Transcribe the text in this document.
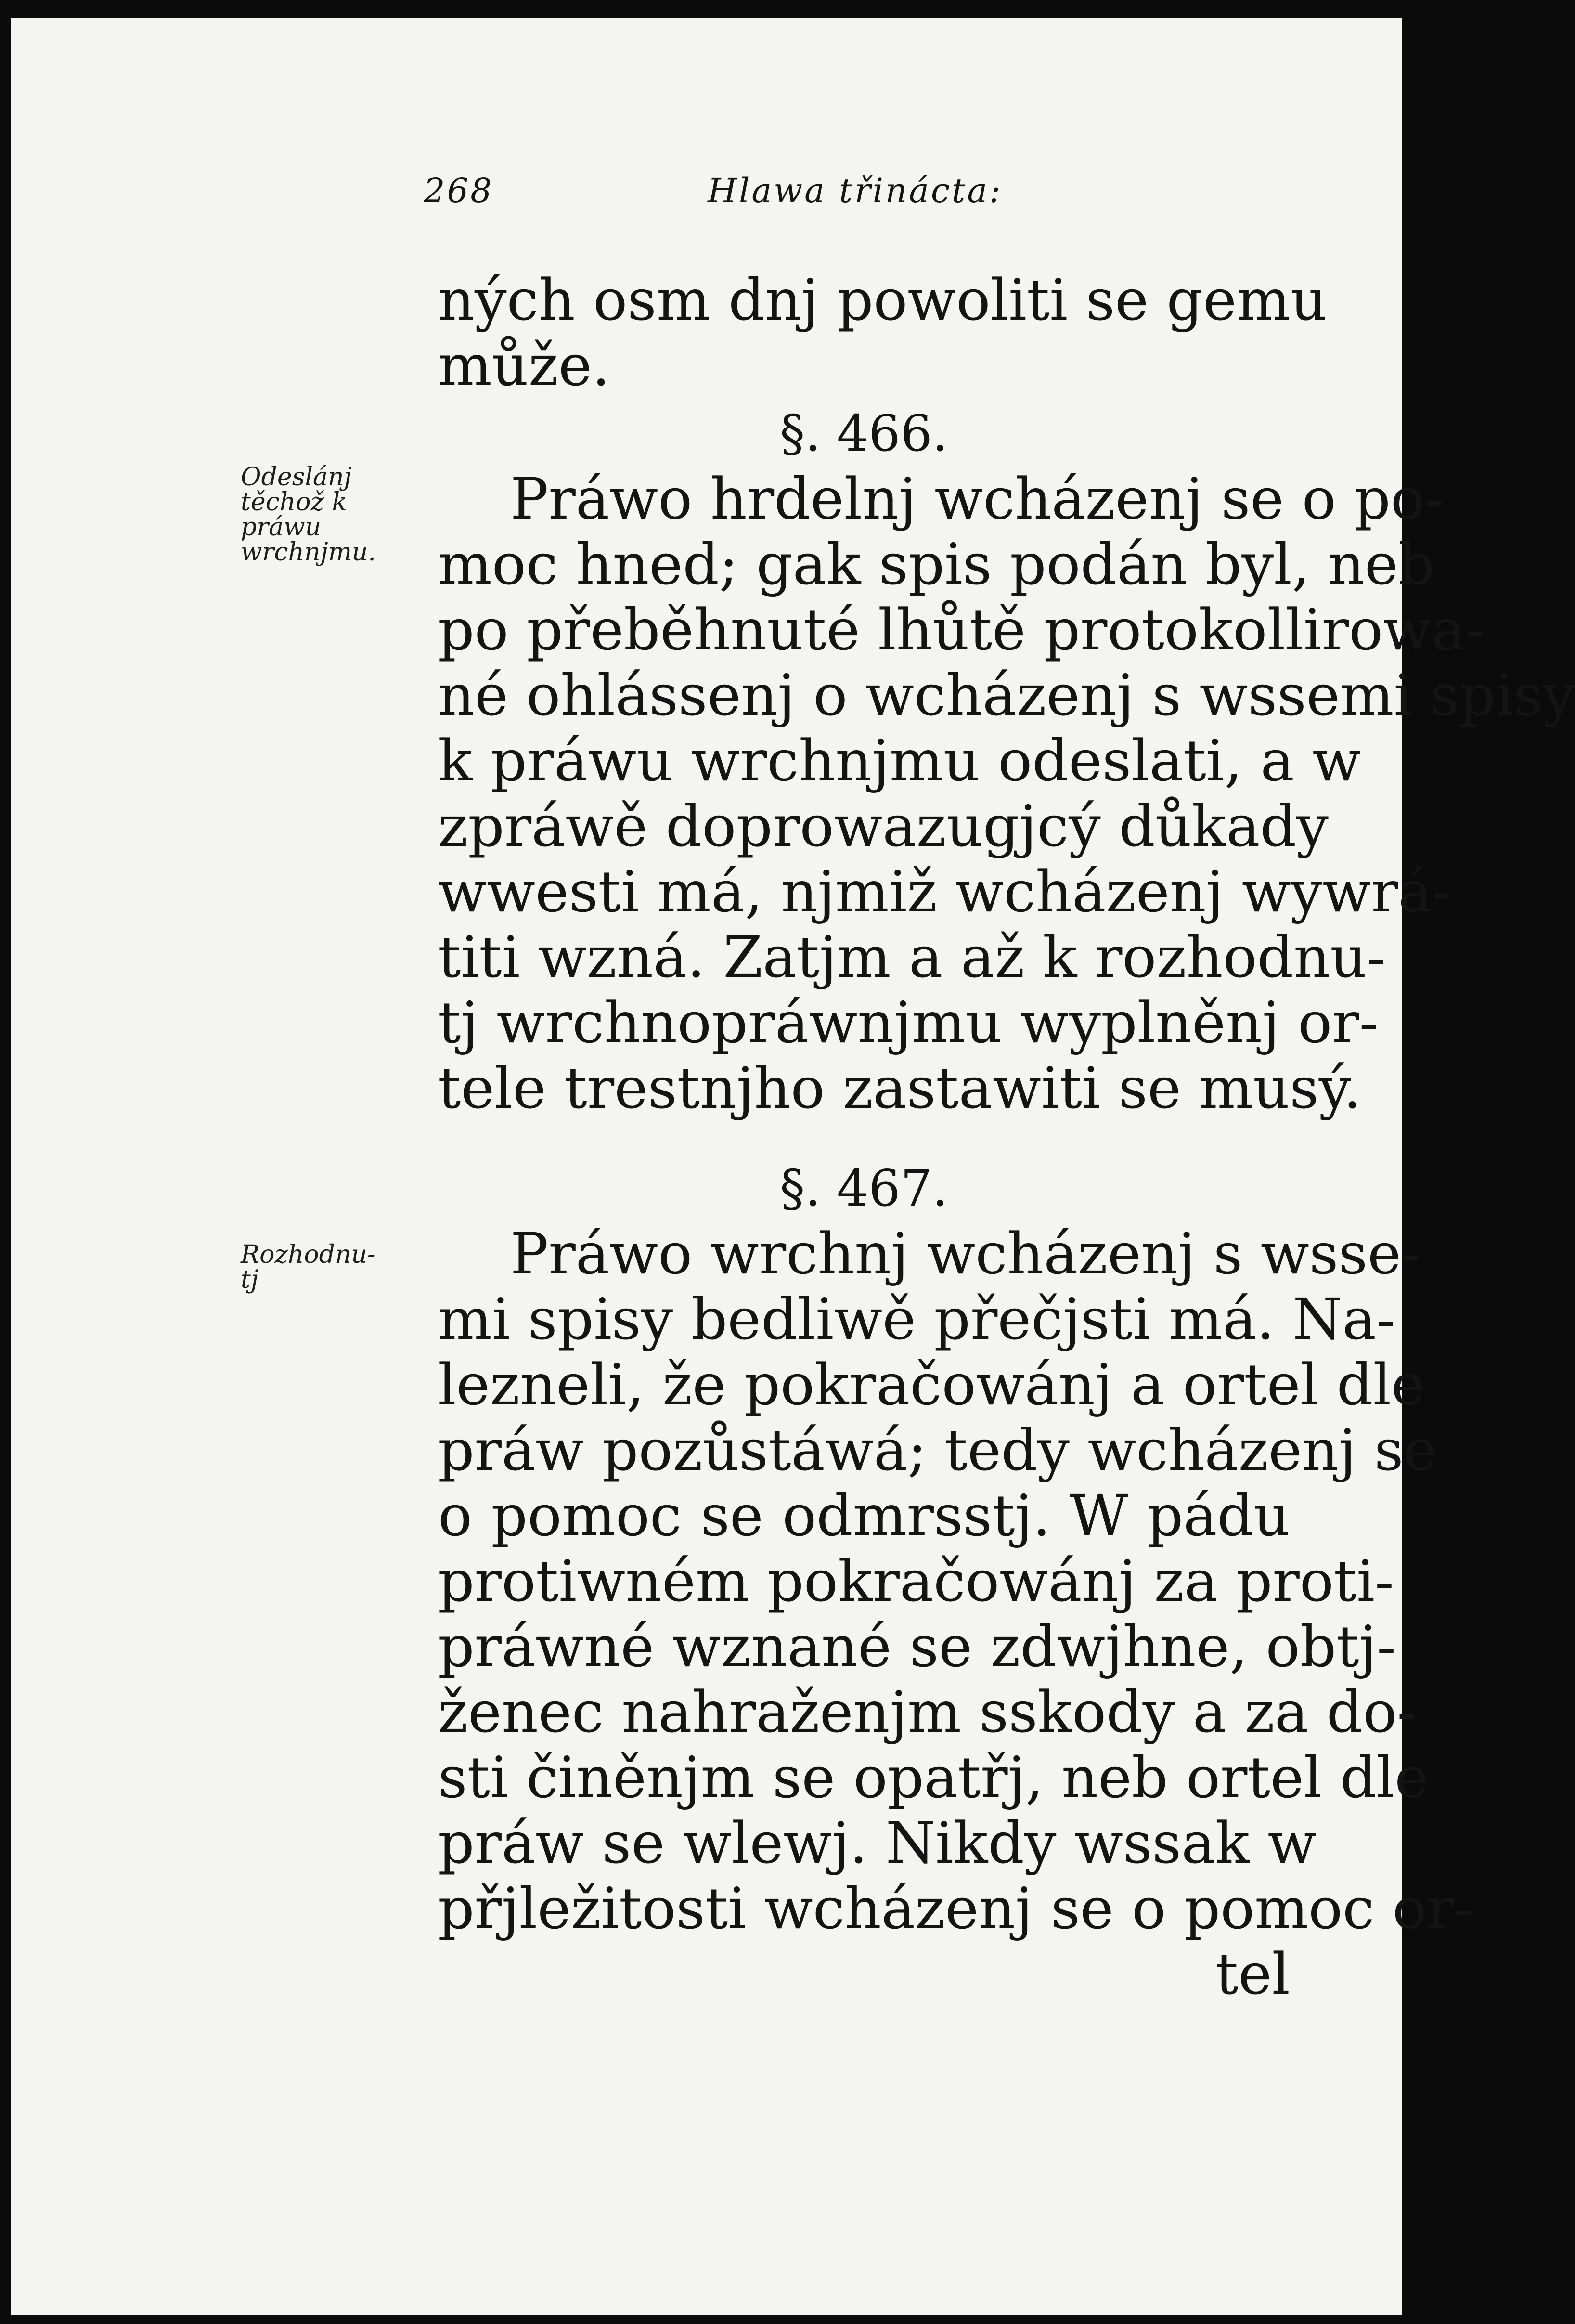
268	Hlawa třinácta:
ných osm dnj powoliti se gemu
může.
§. 466.
Práwo hrdelnj wcházenj se o po-
moc hned; gak spis podán byl, neb
po přeběhnuté lhůtě protokollirowa-
né ohlássenj o wcházenj s wssemi spisy
k práwu wrchnjmu odeslati, a w
zpráwě doprowazugjcý důkady
wwesti má, njmiž wcházenj wywrá-
titi wzná. Zatjm a až k rozhodnu-
tj wrchnopráwnjmu wyplněnj or-
tele trestnjho zastawiti se musý.
Odeslánj
těchož k
práwu
wrchnjmu.
§. 467.
Práwo wrchnj wcházenj s wsse-
mi spisy bedliwě přečjsti má. Na-
lezneli, že pokračowánj a ortel dle
práw pozůstáwá; tedy wcházenj se
o pomoc se odmrsstj. W pádu
protiwném pokračowánj za proti-
práwné wznané se zdwjhne, obtj-
ženec nahraženjm sskody a za do-
sti činěnjm se opatřj, neb ortel dle
práw se wlewj. Nikdy wssak w
přjležitosti wcházenj se o pomoc or-
tel
Rozhodnu-
tj
